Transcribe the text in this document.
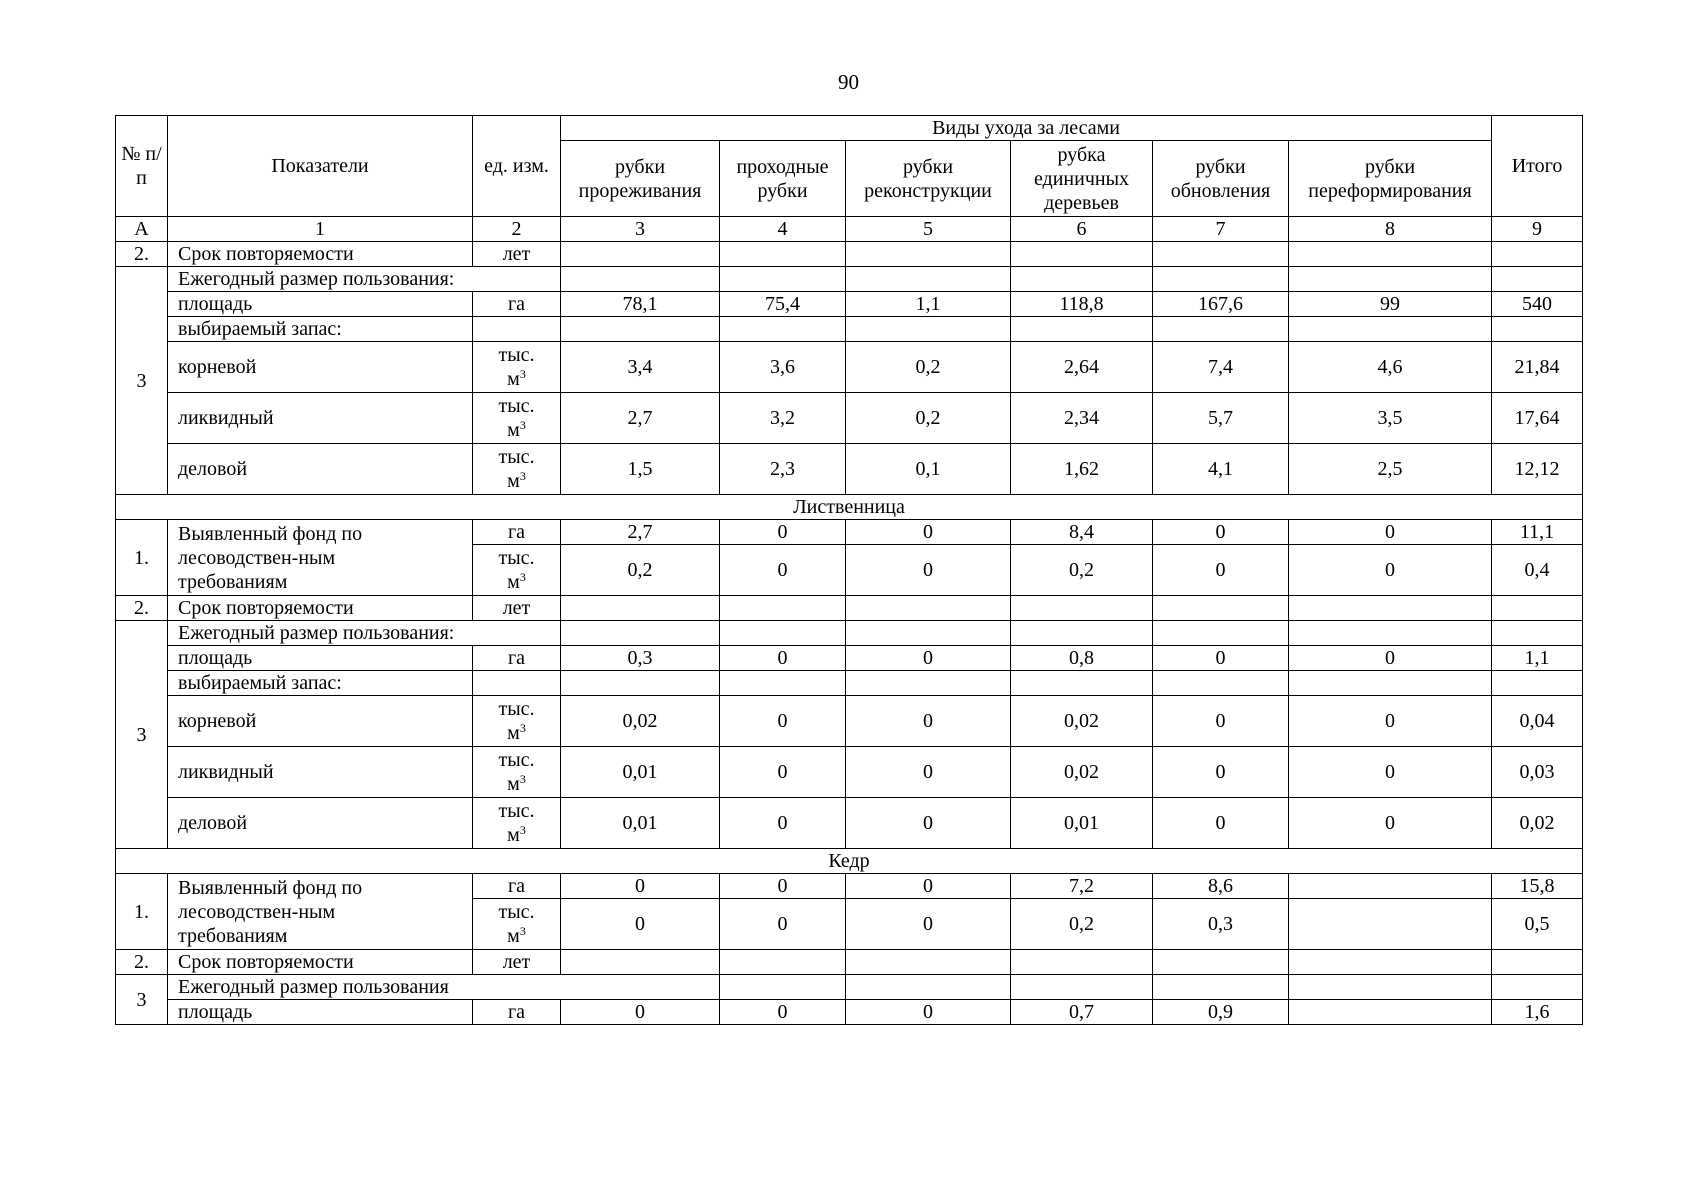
90
№ п/п	Показатели	ед. изм.	Виды ухода за лесами						Итого
			рубки прореживания	проходные рубки	рубки реконструкции	рубка единичных деревьев	рубки обновления	рубки переформирования	
А	1	2	3	4	5	6	7	8	9
2.	Срок повторяемости	лет							
3	Ежегодный размер пользования:								
	площадь	га	78,1	75,4	1,1	118,8	167,6	99	540
	выбираемый запас:								
	корневой	тыс.
$м^3$	3,4	3,6	0,2	2,64	7,4	4,6	21,84
	ликвидный	тыс.
$м^3$	2,7	3,2	0,2	2,34	5,7	3,5	17,64
	деловой	тыс.
$м^3$	1,5	2,3	0,1	1,62	4,1	2,5	12,12
Лиственница									
1.	Выявленный фонд по
лесоводствен-ным
требованиям	га	2,7	0	0	8,4	0	0	11,1
		тыс.
$м^3$	0,2	0	0	0,2	0	0	0,4
2.	Срок повторяемости	лет							
3	Ежегодный размер пользования:								
	площадь	га	0,3	0	0	0,8	0	0	1,1
	выбираемый запас:								
	корневой	тыс.
$м^3$	0,02	0	0	0,02	0	0	0,04
	ликвидный	тыс.
$м^3$	0,01	0	0	0,02	0	0	0,03
	деловой	тыс.
$м^3$	0,01	0	0	0,01	0	0	0,02
Кедр									
1.	Выявленный фонд по
лесоводствен-ным
требованиям	га	0	0	0	7,2	8,6		15,8
		тыс.
$м^3$	0	0	0	0,2	0,3		0,5
2.	Срок повторяемости	лет							
3	Ежегодный размер пользования								
	площадь	га	0	0	0	0,7	0,9		1,6
